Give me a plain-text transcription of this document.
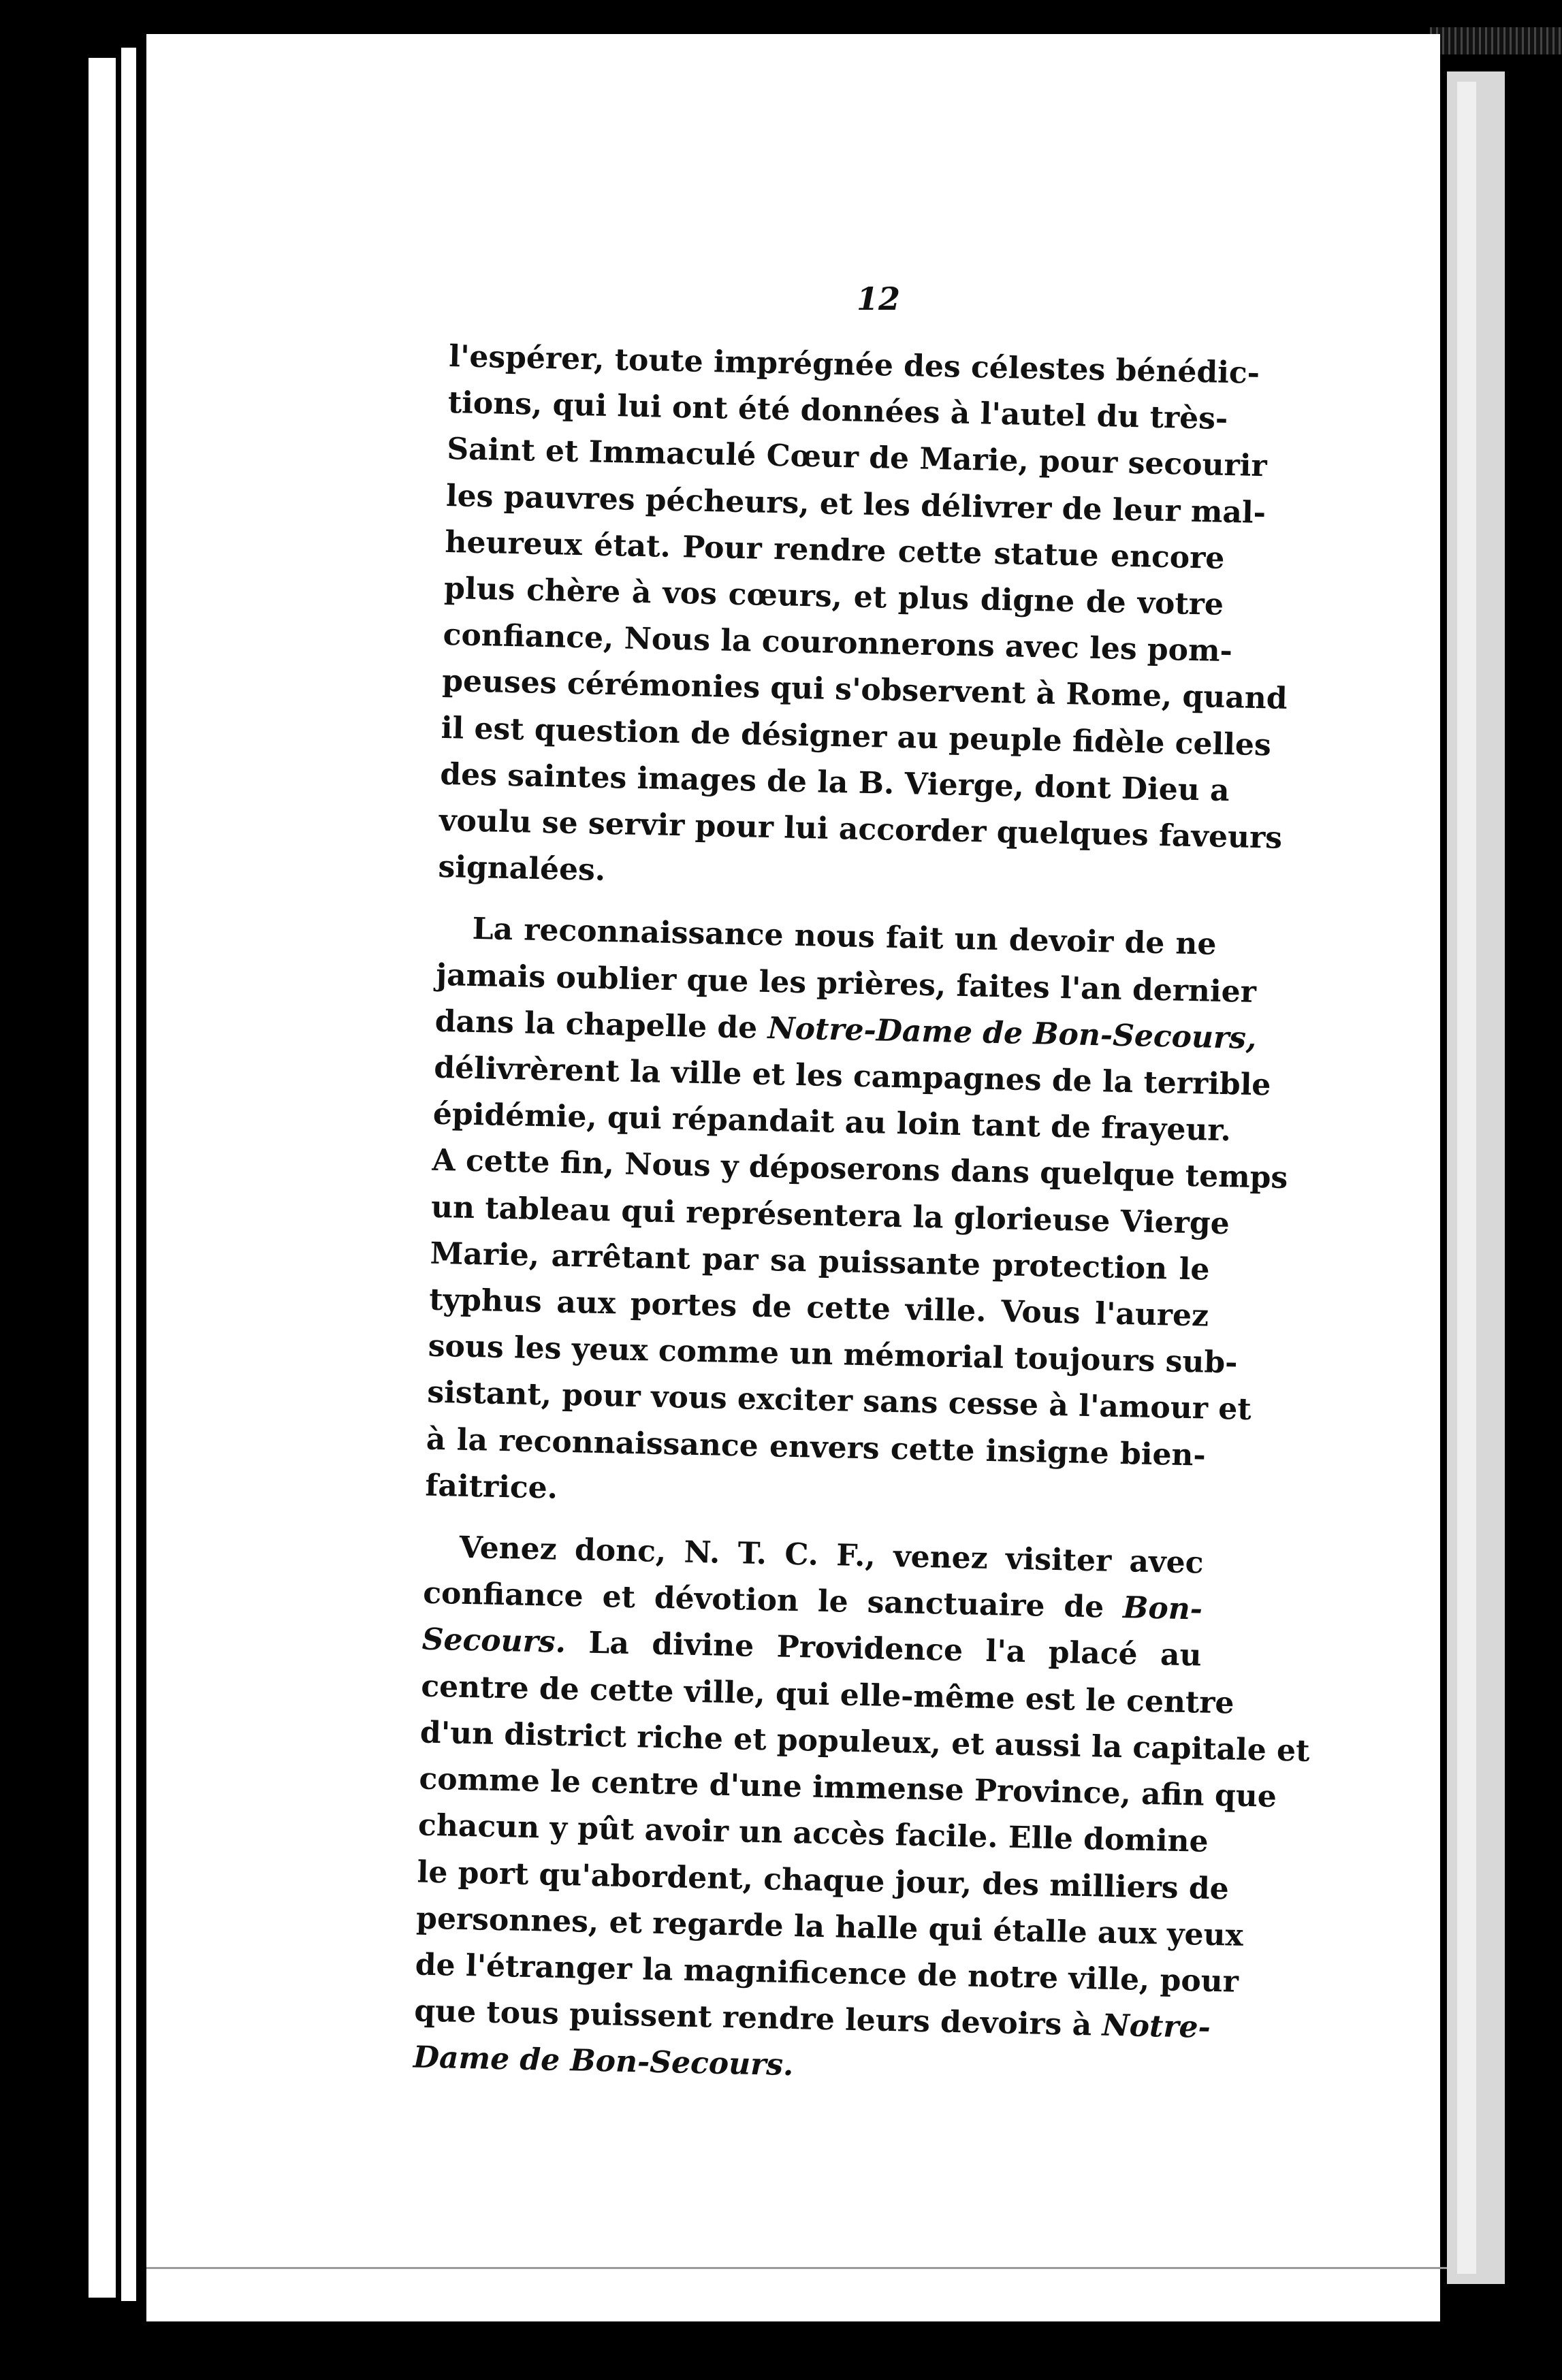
12
l'espérer, toute imprégnée des célestes bénédic-
tions, qui lui ont été données à l'autel du très-
Saint et Immaculé Cœur de Marie, pour secourir
les pauvres pécheurs, et les délivrer de leur mal-
heureux état. Pour rendre cette statue encore
plus chère à vos cœurs, et plus digne de votre
confiance, Nous la couronnerons avec les pom-
peuses cérémonies qui s'observent à Rome, quand
il est question de désigner au peuple fidèle celles
des saintes images de la B. Vierge, dont Dieu a
voulu se servir pour lui accorder quelques faveurs
signalées.
La reconnaissance nous fait un devoir de ne
jamais oublier que les prières, faites l'an dernier
dans la chapelle de Notre-Dame de Bon-Secours,
délivrèrent la ville et les campagnes de la terrible
épidémie, qui répandait au loin tant de frayeur.
A cette fin, Nous y déposerons dans quelque temps
un tableau qui représentera la glorieuse Vierge
Marie, arrêtant par sa puissante protection le
typhus aux portes de cette ville. Vous l'aurez
sous les yeux comme un mémorial toujours sub-
sistant, pour vous exciter sans cesse à l'amour et
à la reconnaissance envers cette insigne bien-
faitrice.
Venez donc, N. T. C. F., venez visiter avec
confiance et dévotion le sanctuaire de Bon-
Secours. La divine Providence l'a placé au
centre de cette ville, qui elle-même est le centre
d'un district riche et populeux, et aussi la capitale et
comme le centre d'une immense Province, afin que
chacun y pût avoir un accès facile. Elle domine
le port qu'abordent, chaque jour, des milliers de
personnes, et regarde la halle qui étalle aux yeux
de l'étranger la magnificence de notre ville, pour
que tous puissent rendre leurs devoirs à Notre-
Dame de Bon-Secours.
